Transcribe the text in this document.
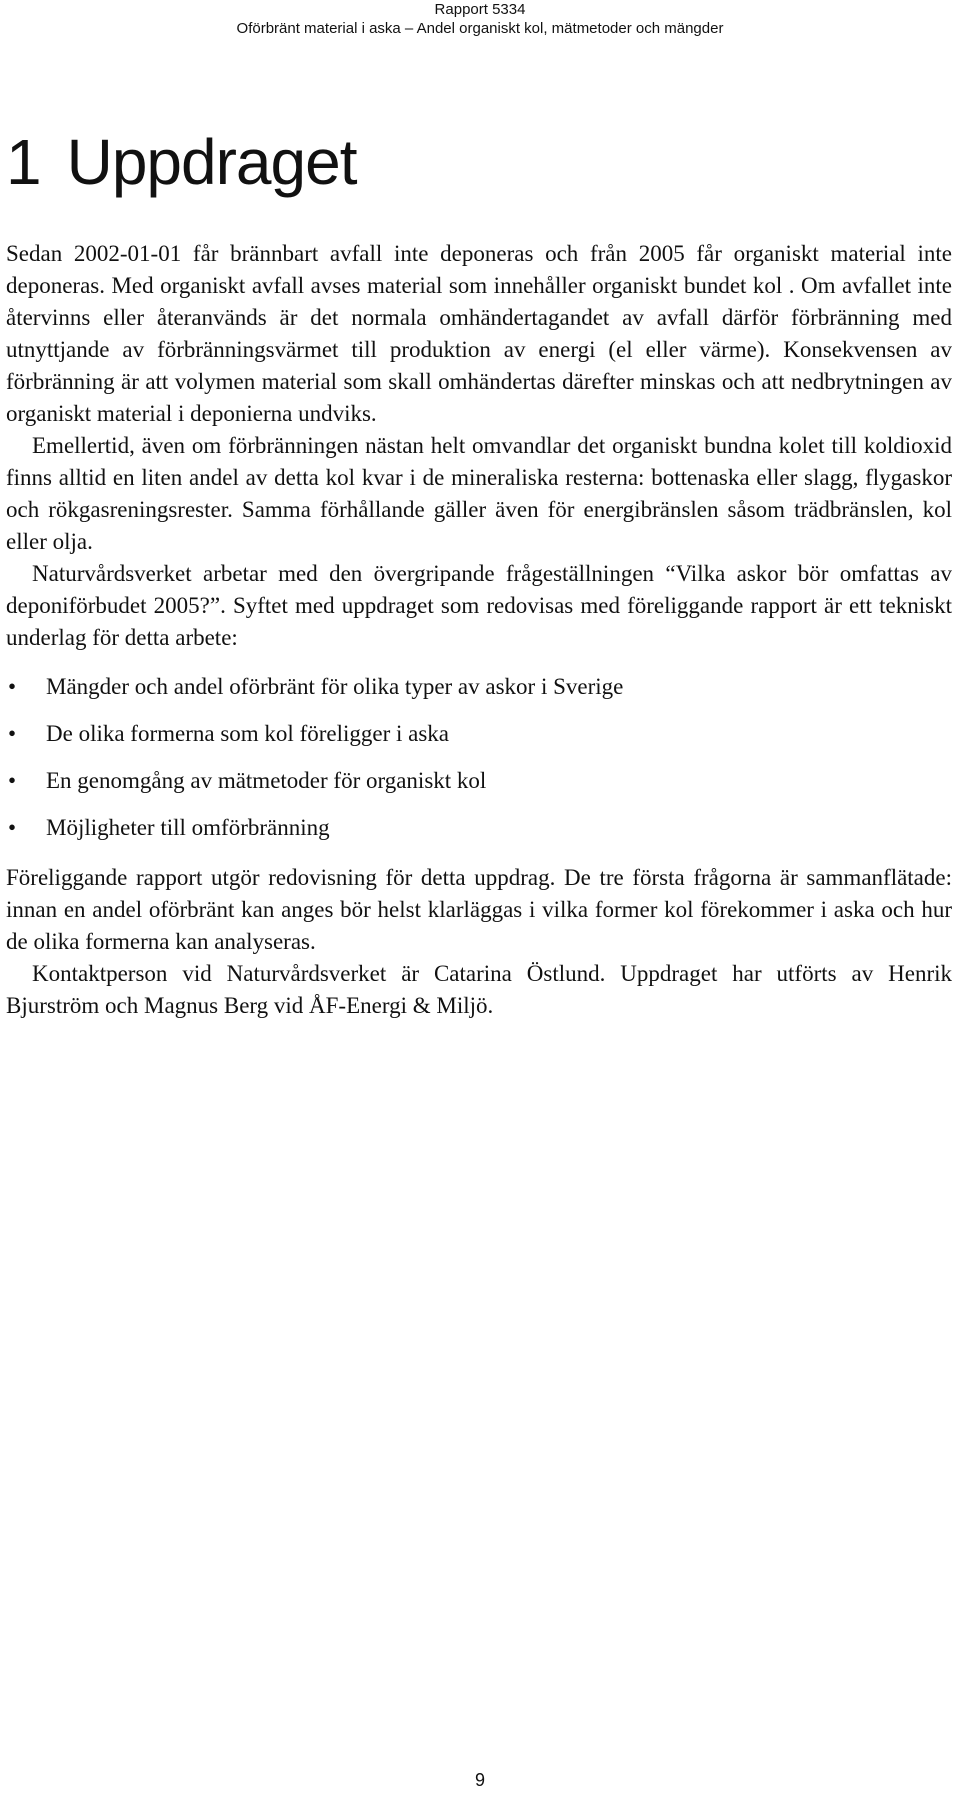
Rapport 5334
Oförbränt material i aska – Andel organiskt kol, mätmetoder och mängder
1 Uppdraget

Sedan 2002-01-01 får brännbart avfall inte deponeras och från 2005 får organiskt material inte deponeras. Med organiskt avfall avses material som innehåller organiskt bundet kol . Om avfallet inte återvinns eller återanvänds är det normala omhändertagandet av avfall därför förbränning med utnyttjande av förbränningsvärmet till produktion av energi (el eller värme). Konsekvensen av förbränning är att volymen material som skall omhändertas därefter minskas och att nedbrytningen av organiskt material i deponierna undviks.

Emellertid, även om förbränningen nästan helt omvandlar det organiskt bundna kolet till koldioxid finns alltid en liten andel av detta kol kvar i de mineraliska resterna: bottenaska eller slagg, flygaskor och rökgasreningsrester. Samma förhållande gäller även för energibränslen såsom trädbränslen, kol eller olja.

Naturvårdsverket arbetar med den övergripande frågeställningen “Vilka askor bör omfattas av deponiförbudet 2005?”. Syftet med uppdraget som redovisas med föreliggande rapport är ett tekniskt underlag för detta arbete:

• Mängder och andel oförbränt för olika typer av askor i Sverige
• De olika formerna som kol föreligger i aska
• En genomgång av mätmetoder för organiskt kol
• Möjligheter till omförbränning

Föreliggande rapport utgör redovisning för detta uppdrag. De tre första frågorna är sammanflätade: innan en andel oförbränt kan anges bör helst klarläggas i vilka former kol förekommer i aska och hur de olika formerna kan analyseras.

Kontaktperson vid Naturvårdsverket är Catarina Östlund. Uppdraget har utförts av Henrik Bjurström och Magnus Berg vid ÅF-Energi & Miljö.

9
